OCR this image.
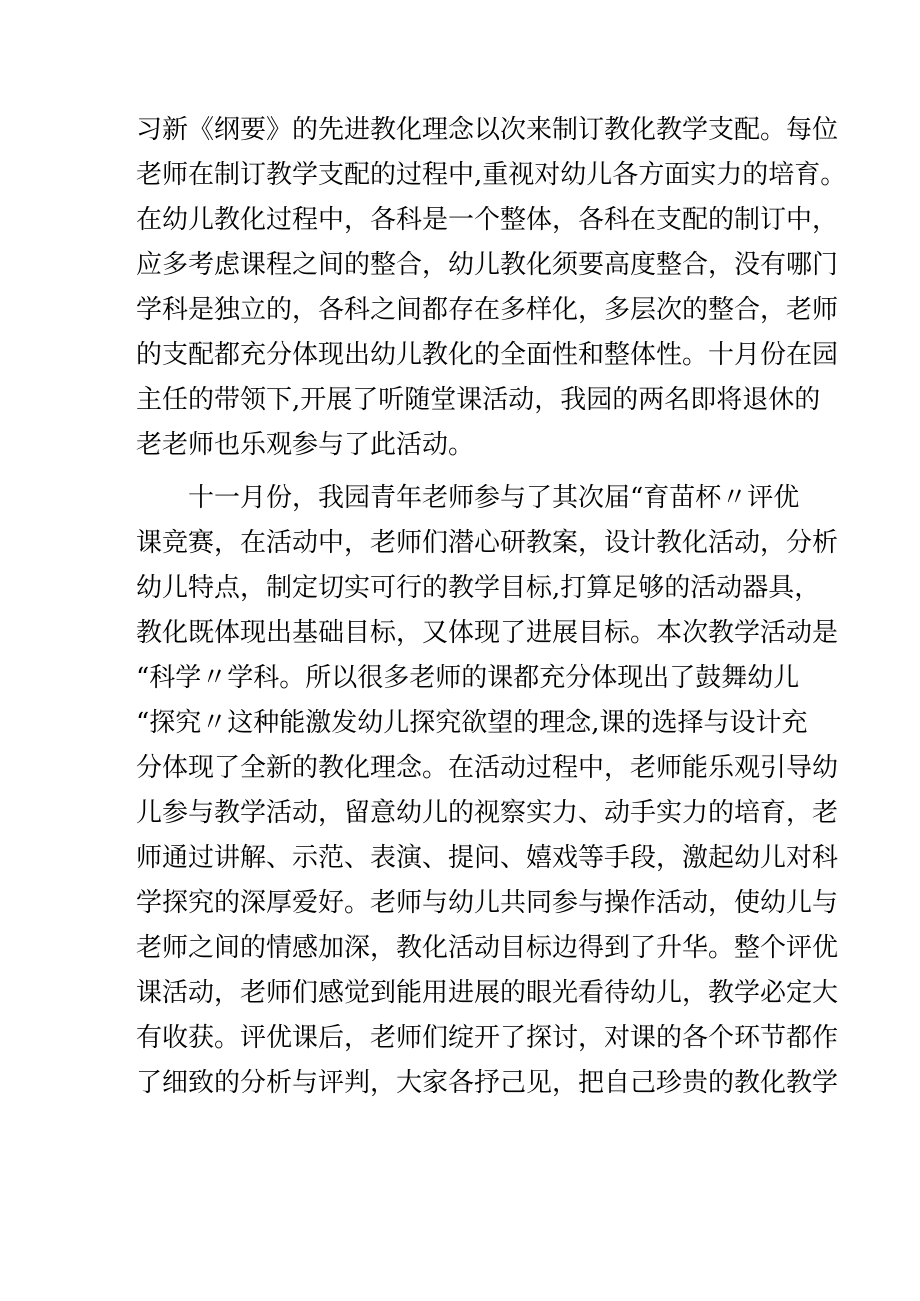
习新《纲要》的先进教化理念以次来制订教化教学支配。每位
老师在制订教学支配的过程中,重视对幼儿各方面实力的培育。
在幼儿教化过程中，各科是一个整体，各科在支配的制订中，
应多考虑课程之间的整合，幼儿教化须要高度整合，没有哪门
学科是独立的，各科之间都存在多样化，多层次的整合，老师
的支配都充分体现出幼儿教化的全面性和整体性。十月份在园
主任的带领下,开展了听随堂课活动，我园的两名即将退休的
老老师也乐观参与了此活动。
十一月份，我园青年老师参与了其次届“育苗杯〃评优
课竞赛，在活动中，老师们潜心研教案，设计教化活动，分析
幼儿特点，制定切实可行的教学目标,打算足够的活动器具，
教化既体现出基础目标，又体现了进展目标。本次教学活动是
“科学〃学科。所以很多老师的课都充分体现出了鼓舞幼儿
“探究〃这种能激发幼儿探究欲望的理念,课的选择与设计充
分体现了全新的教化理念。在活动过程中，老师能乐观引导幼
儿参与教学活动，留意幼儿的视察实力、动手实力的培育，老
师通过讲解、示范、表演、提问、嬉戏等手段，激起幼儿对科
学探究的深厚爱好。老师与幼儿共同参与操作活动，使幼儿与
老师之间的情感加深，教化活动目标边得到了升华。整个评优
课活动，老师们感觉到能用进展的眼光看待幼儿，教学必定大
有收获。评优课后，老师们绽开了探讨，对课的各个环节都作
了细致的分析与评判，大家各抒己见，把自己珍贵的教化教学
